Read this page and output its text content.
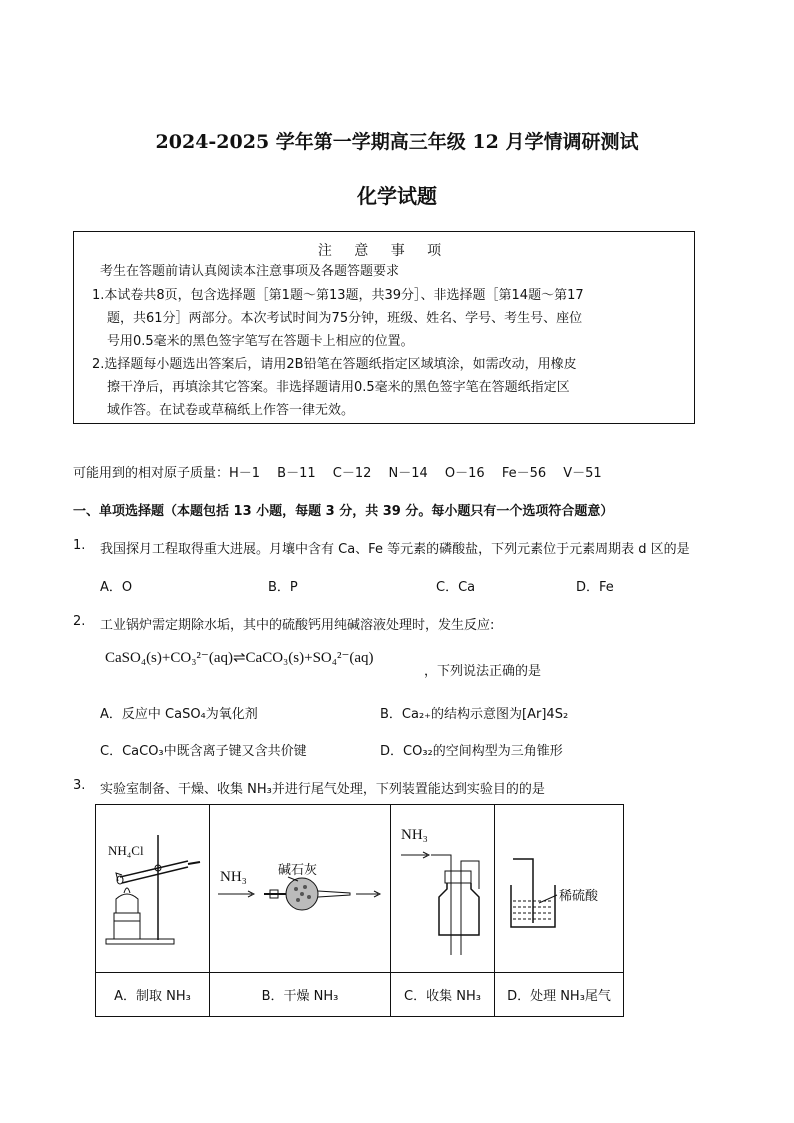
2024-2025 学年第一学期高三年级 12 月学情调研测试
化学试题
注 意 事 项
考生在答题前请认真阅读本注意事项及各题答题要求
1.本试卷共8页，包含选择题［第1题～第13题，共39分］、非选择题［第14题～第17
题，共61分］两部分。本次考试时间为75分钟，班级、姓名、学号、考生号、座位
号用0.5毫米的黑色签字笔写在答题卡上相应的位置。
2.选择题每小题选出答案后，请用2B铅笔在答题纸指定区域填涂，如需改动，用橡皮
擦干净后，再填涂其它答案。非选择题请用0.5毫米的黑色签字笔在答题纸指定区
域作答。在试卷或草稿纸上作答一律无效。
可能用到的相对原子质量：H－1　 B－11　 C－12　 N－14　 O－16　 Fe－56　 V－51
一、单项选择题（本题包括 13 小题，每题 3 分，共 39 分。每小题只有一个选项符合题意）
1. 我国探月工程取得重大进展。月壤中含有 Ca、Fe 等元素的磷酸盐，下列元素位于元素周期表 d 区的是
A．O	B．P	C．Ca	D．Fe
2. 工业锅炉需定期除水垢，其中的硫酸钙用纯碱溶液处理时，发生反应:
CaSO₄(s)+CO₃²⁻(aq)⇌CaCO₃(s)+SO₄²⁻(aq)
，下列说法正确的是
A．反应中 CaSO₄为氧化剂	B．Ca₂₊的结构示意图为[Ar]4S₂
C．CaCO₃中既含离子键又含共价键	D．CO₃₂的空间构型为三角锥形
3. 实验室制备、干燥、收集 NH₃并进行尾气处理，下列装置能达到实验目的的是
NH₄Cl	NH₃ 碱石灰	NH₃	稀硫酸

A．制取 NH₃	B．干燥 NH₃	C．收集 NH₃	D．处理 NH₃尾气
